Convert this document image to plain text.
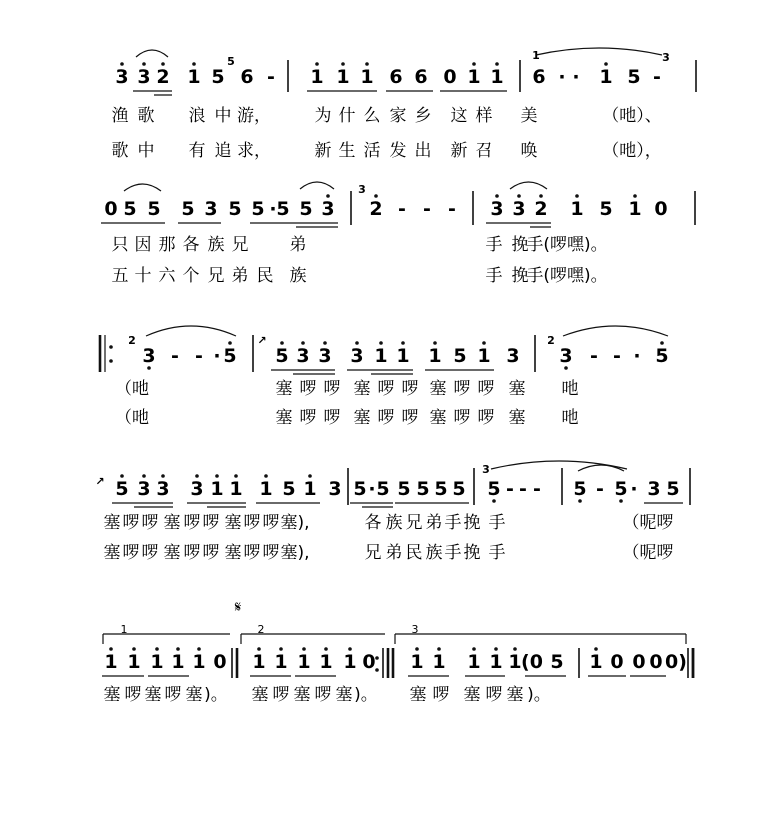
3 3 2 1 5 6 - 1 1 1 6 6 0 1 1 6 · · 1 5 -
5	1	3
渔 歌 浪 中 游，	为 什 么 家 乡 这 样 美	（吔）、
歌 中 有 追 求，	新 生 活 发 出 新 召 唤	（吔），
0 5 5 5 3 5 5 · 5 5 3 2 - - - 3 3 2 1 5 1 0
3
只 因 那 各 族 兄 弟	手 挽
手(啰嘿)。
五 十 六 个 兄 弟 民 族	手 挽
手(啰嘿)。
3 - - · 5 5 3 3 3 1 1 1 5 1 3 3 - - · 5
2	2
↗
（吔	塞 啰 啰 塞 啰 啰 塞 啰 啰 塞 吔
（吔	塞 啰 啰 塞 啰 啰 塞 啰 啰 塞 吔
↗ 5 3 3 3 1 1 1 5 1 3 5 · 5 5 5 5 5 5 - - - 5 - 5 · 3 5
3
塞 啰 啰 塞 啰 啰 塞 啰 啰 塞),	各 族 兄 弟 手 挽 手	（呢啰
塞 啰 啰 塞 啰 啰 塞 啰 啰 塞),	兄 弟 民 族 手 挽 手	（呢啰
𝄋
1	2	3
1 1 1 1 1 0 1 1 1 1 1 0 1 1 1 1 1 (0 5 1 0 0 0 0)
塞 啰 塞 啰 塞 )。 塞 啰 塞 啰 塞 )。 塞 啰 塞 啰 塞 )。
